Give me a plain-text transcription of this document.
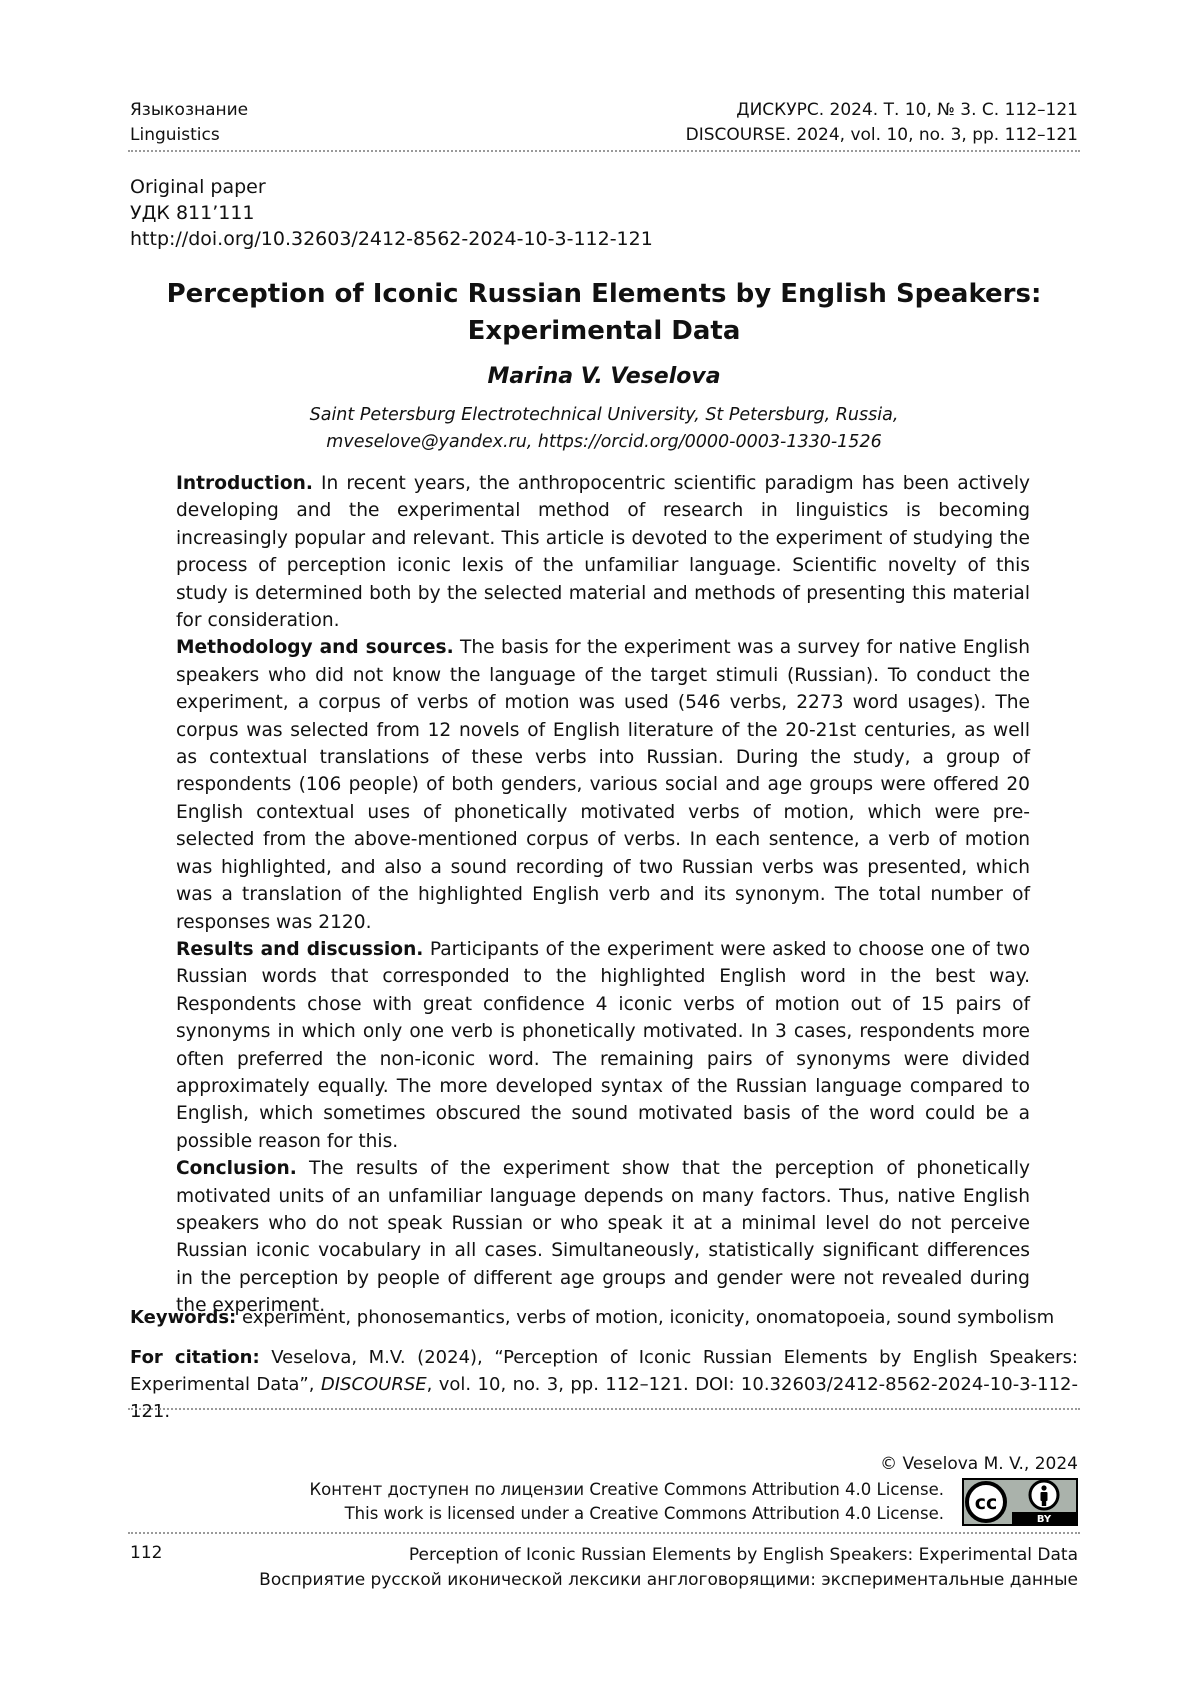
Языкознание
Linguistics
ДИСКУРС. 2024. Т. 10, № 3. С. 112–121
DISCOURSE. 2024, vol. 10, no. 3, pp. 112–121
Original paper
УДК 811’111
http://doi.org/10.32603/2412-8562-2024-10-3-112-121
Perception of Iconic Russian Elements by English Speakers: Experimental Data
Marina V. Veselova
Saint Petersburg Electrotechnical University, St Petersburg, Russia,
mveselove@yandex.ru, https://orcid.org/0000-0003-1330-1526

Introduction. In recent years, the anthropocentric scientific paradigm has been actively developing and the experimental method of research in linguistics is becoming increasingly popular and relevant. This article is devoted to the experiment of studying the process of perception iconic lexis of the unfamiliar language. Scientific novelty of this study is determined both by the selected material and methods of presenting this material for consideration.

Methodology and sources. The basis for the experiment was a survey for native English speakers who did not know the language of the target stimuli (Russian). To conduct the experiment, a corpus of verbs of motion was used (546 verbs, 2273 word usages). The corpus was selected from 12 novels of English literature of the 20-21st centuries, as well as contextual translations of these verbs into Russian. During the study, a group of respondents (106 people) of both genders, various social and age groups were offered 20 English contextual uses of phonetically motivated verbs of motion, which were pre-selected from the above-mentioned corpus of verbs. In each sentence, a verb of motion was highlighted, and also a sound recording of two Russian verbs was presented, which was a translation of the highlighted English verb and its synonym. The total number of responses was 2120.

Results and discussion. Participants of the experiment were asked to choose one of two Russian words that corresponded to the highlighted English word in the best way. Respondents chose with great confidence 4 iconic verbs of motion out of 15 pairs of synonyms in which only one verb is phonetically motivated. In 3 cases, respondents more often preferred the non-iconic word. The remaining pairs of synonyms were divided approximately equally. The more developed syntax of the Russian language compared to English, which sometimes obscured the sound motivated basis of the word could be a possible reason for this.

Conclusion. The results of the experiment show that the perception of phonetically motivated units of an unfamiliar language depends on many factors. Thus, native English speakers who do not speak Russian or who speak it at a minimal level do not perceive Russian iconic vocabulary in all cases. Simultaneously, statistically significant differences in the perception by people of different age groups and gender were not revealed during the experiment.

Keywords: experiment, phonosemantics, verbs of motion, iconicity, onomatopoeia, sound symbolism
For citation: Veselova, M.V. (2024), “Perception of Iconic Russian Elements by English Speakers: Experimental Data”, DISCOURSE, vol. 10, no. 3, pp. 112–121. DOI: 10.32603/2412-8562-2024-10-3-112-121.
© Veselova M. V., 2024
Контент доступен по лицензии Creative Commons Attribution 4.0 License.
This work is licensed under a Creative Commons Attribution 4.0 License.	BY
cc
112	Perception of Iconic Russian Elements by English Speakers: Experimental Data
Восприятие русской иконической лексики англоговорящими: экспериментальные данные
